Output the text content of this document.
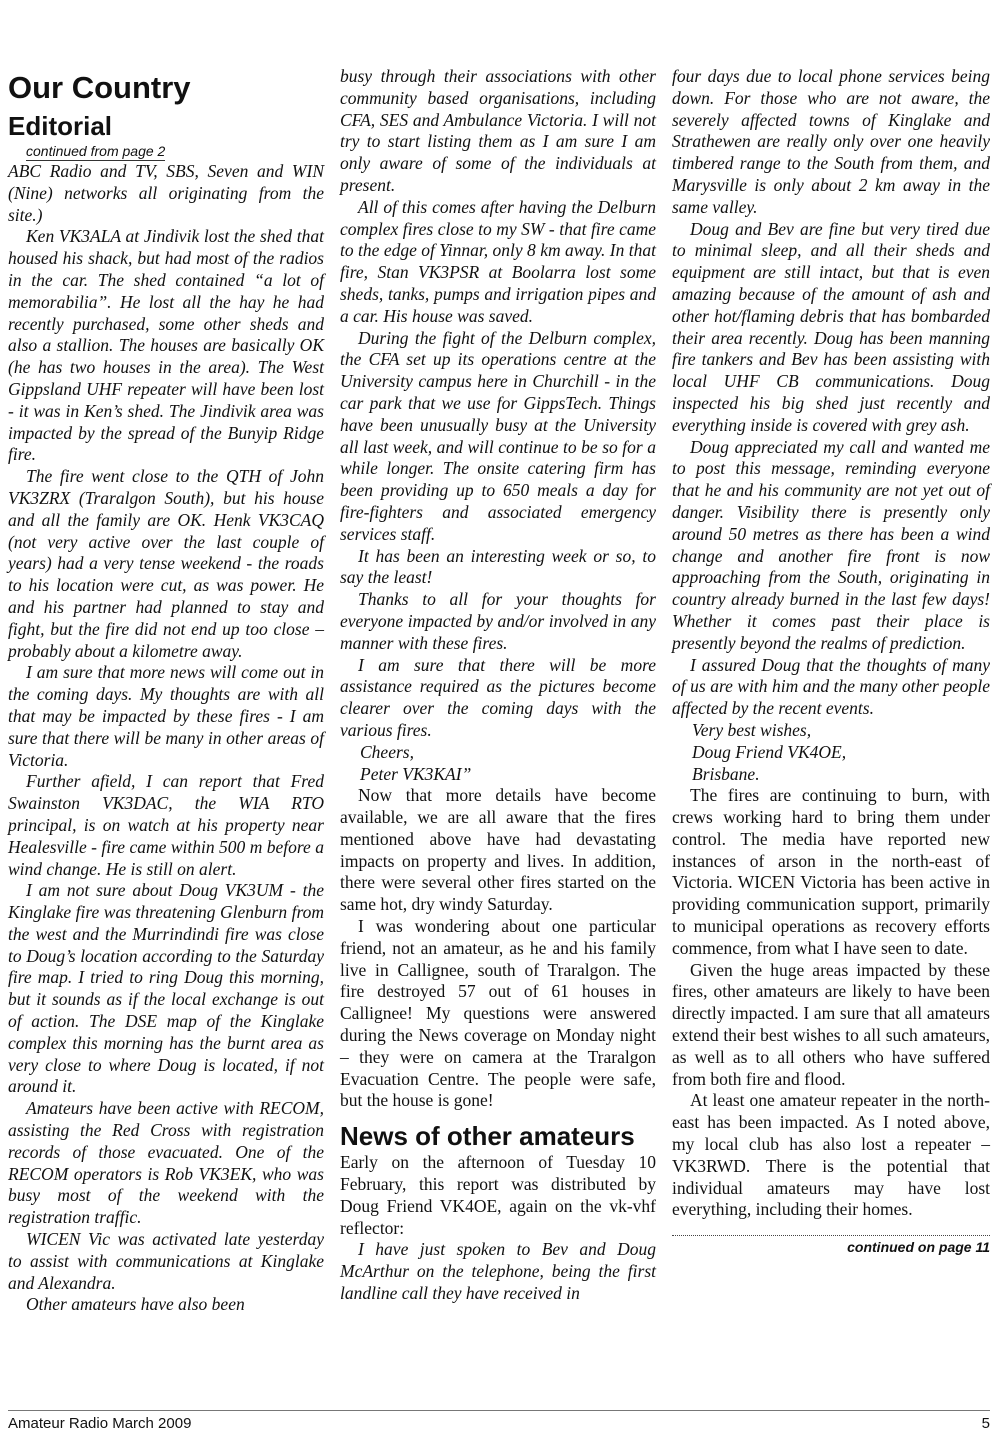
Our Country
Editorial
continued from page 2

ABC Radio and TV, SBS, Seven and WIN (Nine) networks all originating from the site.)

Ken VK3ALA at Jindivik lost the shed that housed his shack, but had most of the radios in the car. The shed contained “a lot of memorabilia”. He lost all the hay he had recently purchased, some other sheds and also a stallion. The houses are basically OK (he has two houses in the area). The West Gippsland UHF repeater will have been lost - it was in Ken’s shed. The Jindivik area was impacted by the spread of the Bunyip Ridge fire.

The fire went close to the QTH of John VK3ZRX (Traralgon South), but his house and all the family are OK. Henk VK3CAQ (not very active over the last couple of years) had a very tense weekend - the roads to his location were cut, as was power. He and his partner had planned to stay and fight, but the fire did not end up too close – probably about a kilometre away.

I am sure that more news will come out in the coming days. My thoughts are with all that may be impacted by these fires - I am sure that there will be many in other areas of Victoria.

Further afield, I can report that Fred Swainston VK3DAC, the WIA RTO principal, is on watch at his property near Healesville - fire came within 500 m before a wind change. He is still on alert.

I am not sure about Doug VK3UM - the Kinglake fire was threatening Glenburn from the west and the Murrindindi fire was close to Doug’s location according to the Saturday fire map. I tried to ring Doug this morning, but it sounds as if the local exchange is out of action. The DSE map of the Kinglake complex this morning has the burnt area as very close to where Doug is located, if not around it.

Amateurs have been active with RECOM, assisting the Red Cross with registration records of those evacuated. One of the RECOM operators is Rob VK3EK, who was busy most of the weekend with the registration traffic.

WICEN Vic was activated late yesterday to assist with communications at Kinglake and Alexandra.

Other amateurs have also been

busy through their associations with other community based organisations, including CFA, SES and Ambulance Victoria. I will not try to start listing them as I am sure I am only aware of some of the individuals at present.

All of this comes after having the Delburn complex fires close to my SW - that fire came to the edge of Yinnar, only 8 km away. In that fire, Stan VK3PSR at Boolarra lost some sheds, tanks, pumps and irrigation pipes and a car. His house was saved.

During the fight of the Delburn complex, the CFA set up its operations centre at the University campus here in Churchill - in the car park that we use for GippsTech. Things have been unusually busy at the University all last week, and will continue to be so for a while longer. The onsite catering firm has been providing up to 650 meals a day for fire-fighters and associated emergency services staff.

It has been an interesting week or so, to say the least!

Thanks to all for your thoughts for everyone impacted by and/or involved in any manner with these fires.

I am sure that there will be more assistance required as the pictures become clearer over the coming days with the various fires.

Cheers,

Peter VK3KAI”

Now that more details have become available, we are all aware that the fires mentioned above have had devastating impacts on property and lives. In addition, there were several other fires started on the same hot, dry windy Saturday.

I was wondering about one particular friend, not an amateur, as he and his family live in Callignee, south of Traralgon. The fire destroyed 57 out of 61 houses in Callignee! My questions were answered during the News coverage on Monday night – they were on camera at the Traralgon Evacuation Centre. The people were safe, but the house is gone!

News of other amateurs

Early on the afternoon of Tuesday 10 February, this report was distributed by Doug Friend VK4OE, again on the vk-vhf reflector:

I have just spoken to Bev and Doug McArthur on the telephone, being the first landline call they have received in

four days due to local phone services being down. For those who are not aware, the severely affected towns of Kinglake and Strathewen are really only over one heavily timbered range to the South from them, and Marysville is only about 2 km away in the same valley.

Doug and Bev are fine but very tired due to minimal sleep, and all their sheds and equipment are still intact, but that is even amazing because of the amount of ash and other hot/flaming debris that has bombarded their area recently. Doug has been manning fire tankers and Bev has been assisting with local UHF CB communications. Doug inspected his big shed just recently and everything inside is covered with grey ash.

Doug appreciated my call and wanted me to post this message, reminding everyone that he and his community are not yet out of danger. Visibility there is presently only around 50 metres as there has been a wind change and another fire front is now approaching from the South, originating in country already burned in the last few days! Whether it comes past their place is presently beyond the realms of prediction.

I assured Doug that the thoughts of many of us are with him and the many other people affected by the recent events.

Very best wishes,

Doug Friend VK4OE,

Brisbane.

The fires are continuing to burn, with crews working hard to bring them under control. The media have reported new instances of arson in the north-east of Victoria. WICEN Victoria has been active in providing communication support, primarily to municipal operations as recovery efforts commence, from what I have seen to date.

Given the huge areas impacted by these fires, other amateurs are likely to have been directly impacted. I am sure that all amateurs extend their best wishes to all such amateurs, as well as to all others who have suffered from both fire and flood.

At least one amateur repeater in the north-east has been impacted. As I noted above, my local club has also lost a repeater – VK3RWD. There is the potential that individual amateurs may have lost everything, including their homes.

continued on page 11
Amateur Radio March 2009	5
